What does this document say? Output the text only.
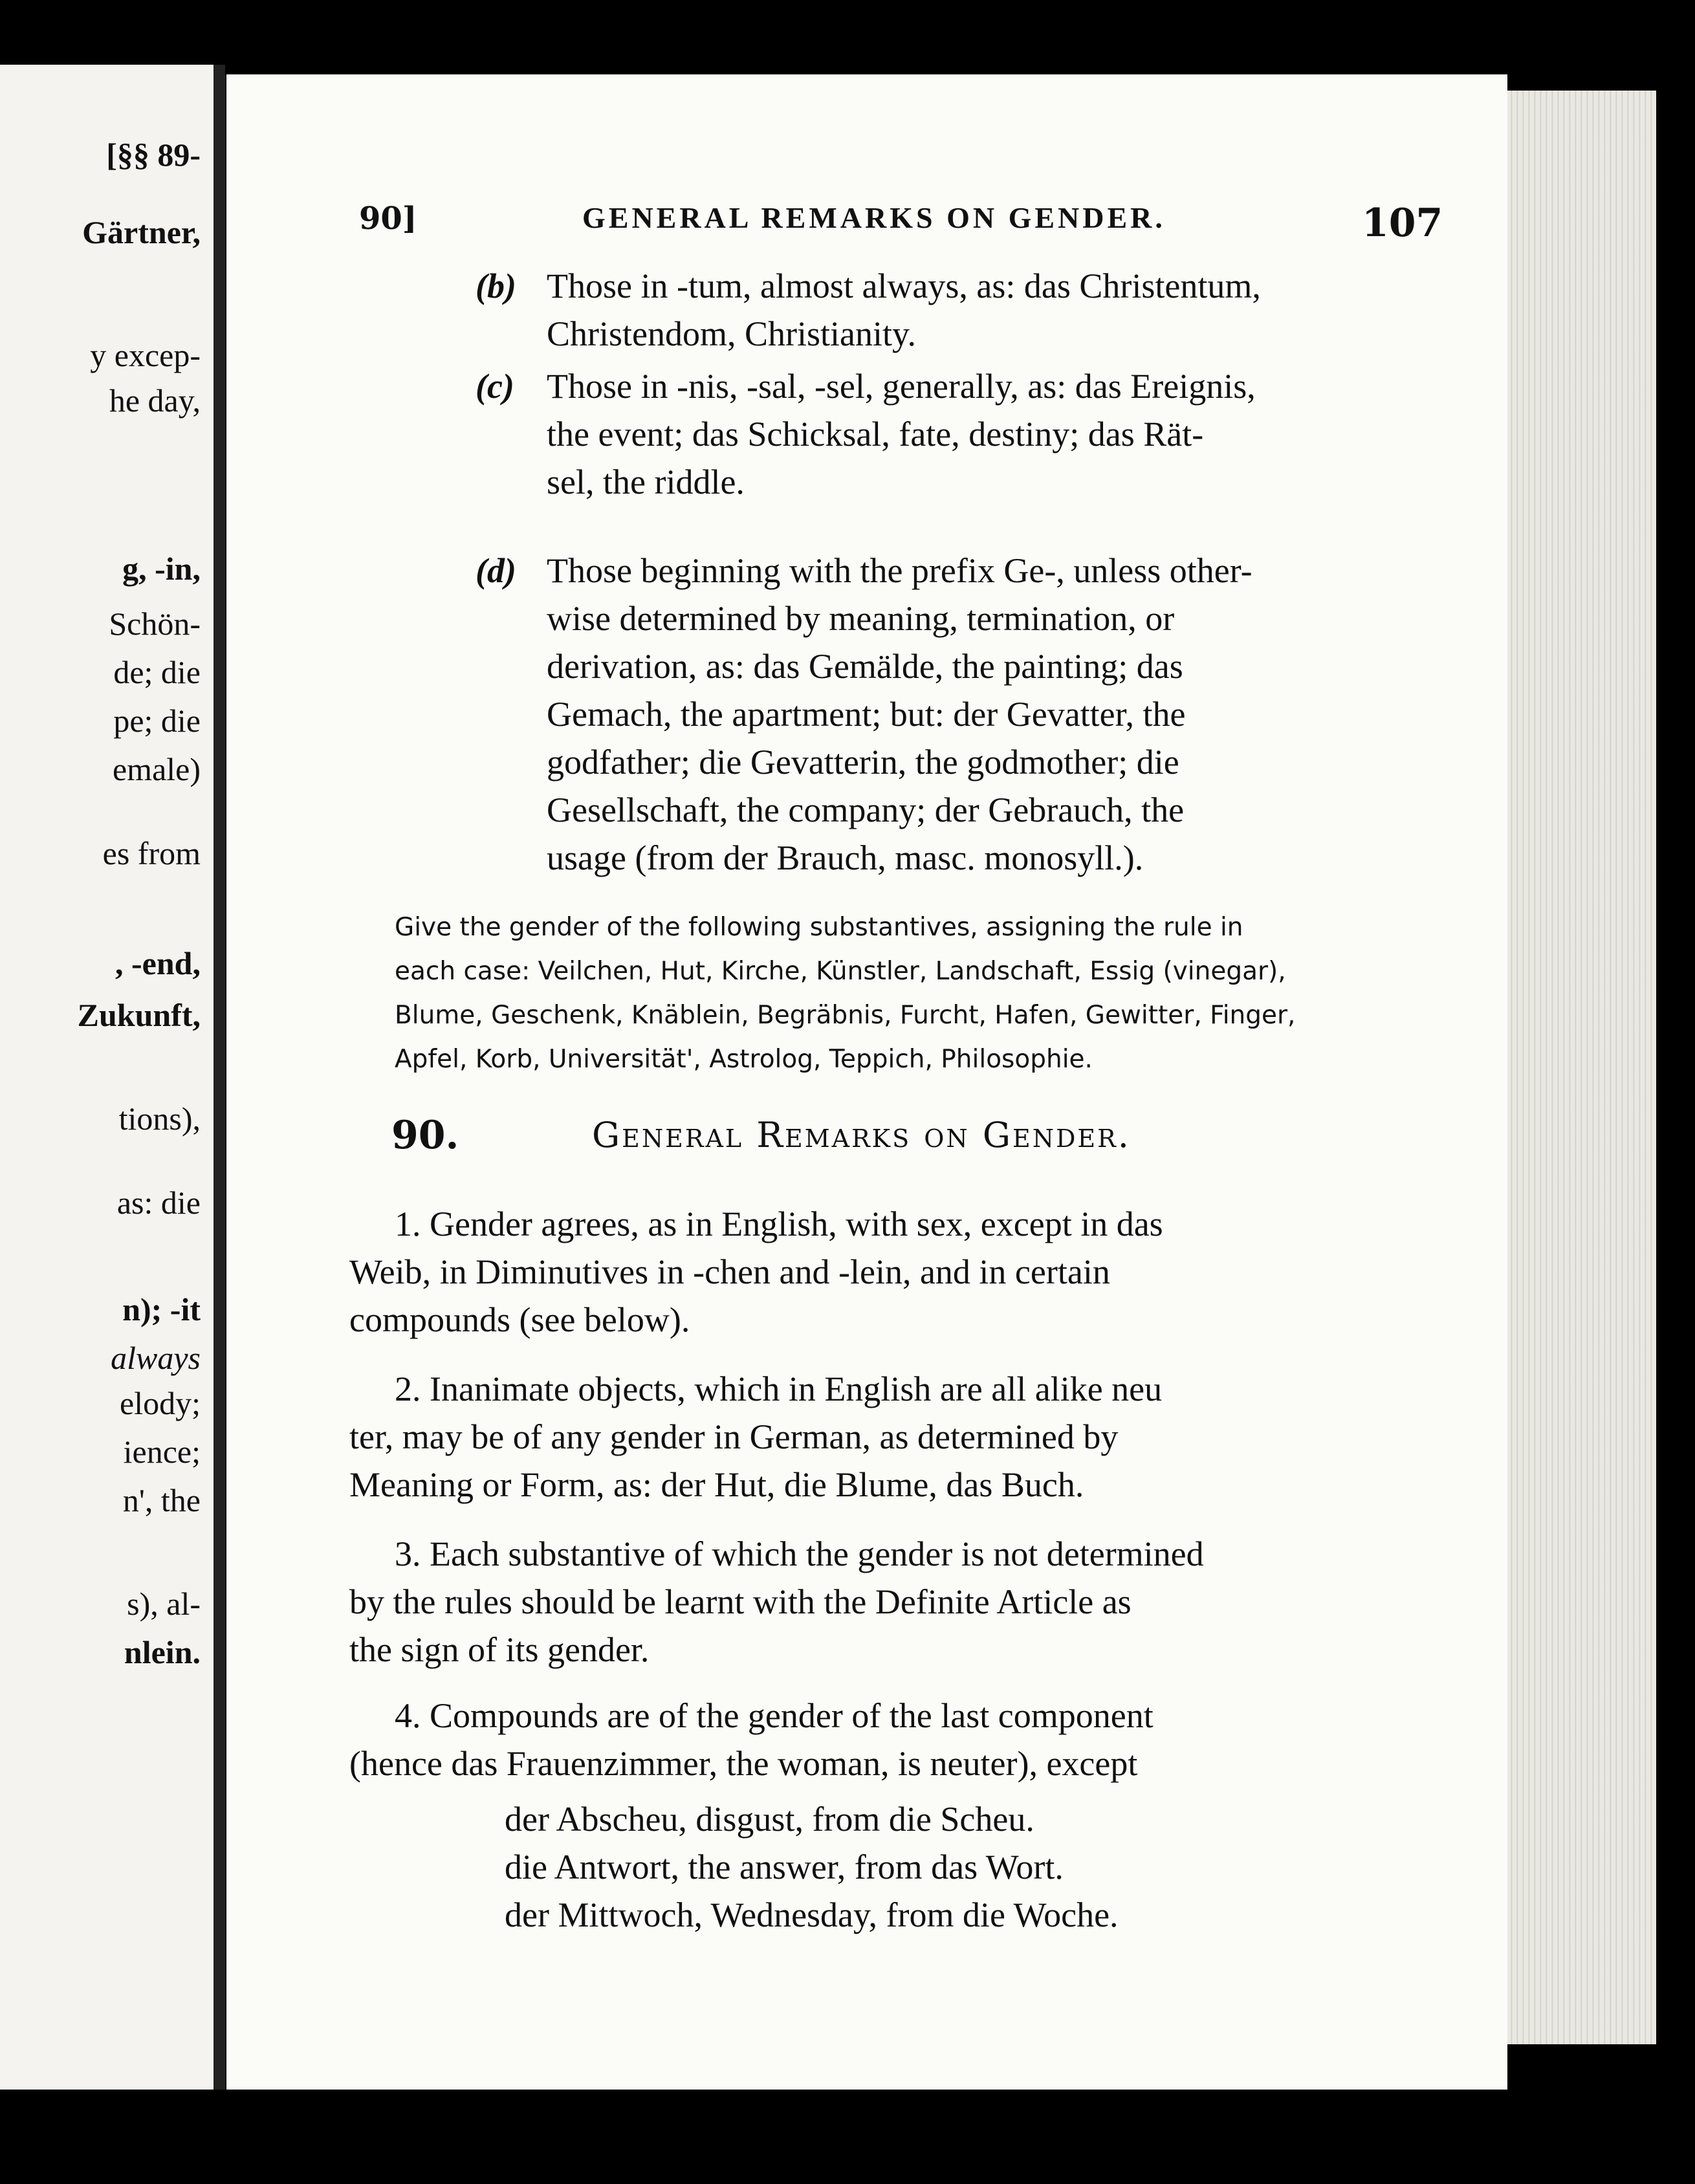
[§§ 89-
Gärtner,
y excep-
he day,
g, -in,
Schön-
de; die
pe; die
emale)
es from
, -end,
Zukunft,
tions),
as: die
n); -it
always
elody;
ience;
n', the
s), al-
nlein.
90]	GENERAL REMARKS ON GENDER.	107
(b) Those in -tum, almost always, as: das Christentum,
Christendom, Christianity.
(c) Those in -nis, -sal, -sel, generally, as: das Ereignis,
the event; das Schicksal, fate, destiny; das Rät-
sel, the riddle.
(d) Those beginning with the prefix Ge-, unless other-
wise determined by meaning, termination, or
derivation, as: das Gemälde, the painting; das
Gemach, the apartment; but: der Gevatter, the
godfather; die Gevatterin, the godmother; die
Gesellschaft, the company; der Gebrauch, the
usage (from der Brauch, masc. monosyll.).
Give the gender of the following substantives, assigning the rule in
each case: Veilchen, Hut, Kirche, Künstler, Landschaft, Essig (vinegar),
Blume, Geschenk, Knäblein, Begräbnis, Furcht, Hafen, Gewitter, Finger,
Apfel, Korb, Universität', Astrolog, Teppich, Philosophie.
90.	General Remarks on Gender.
1. Gender agrees, as in English, with sex, except in das
Weib, in Diminutives in -chen and -lein, and in certain
compounds (see below).
2. Inanimate objects, which in English are all alike neu
ter, may be of any gender in German, as determined by
Meaning or Form, as: der Hut, die Blume, das Buch.
3. Each substantive of which the gender is not determined
by the rules should be learnt with the Definite Article as
the sign of its gender.
4. Compounds are of the gender of the last component
(hence das Frauenzimmer, the woman, is neuter), except
der Abscheu, disgust, from die Scheu.
die Antwort, the answer, from das Wort.
der Mittwoch, Wednesday, from die Woche.
